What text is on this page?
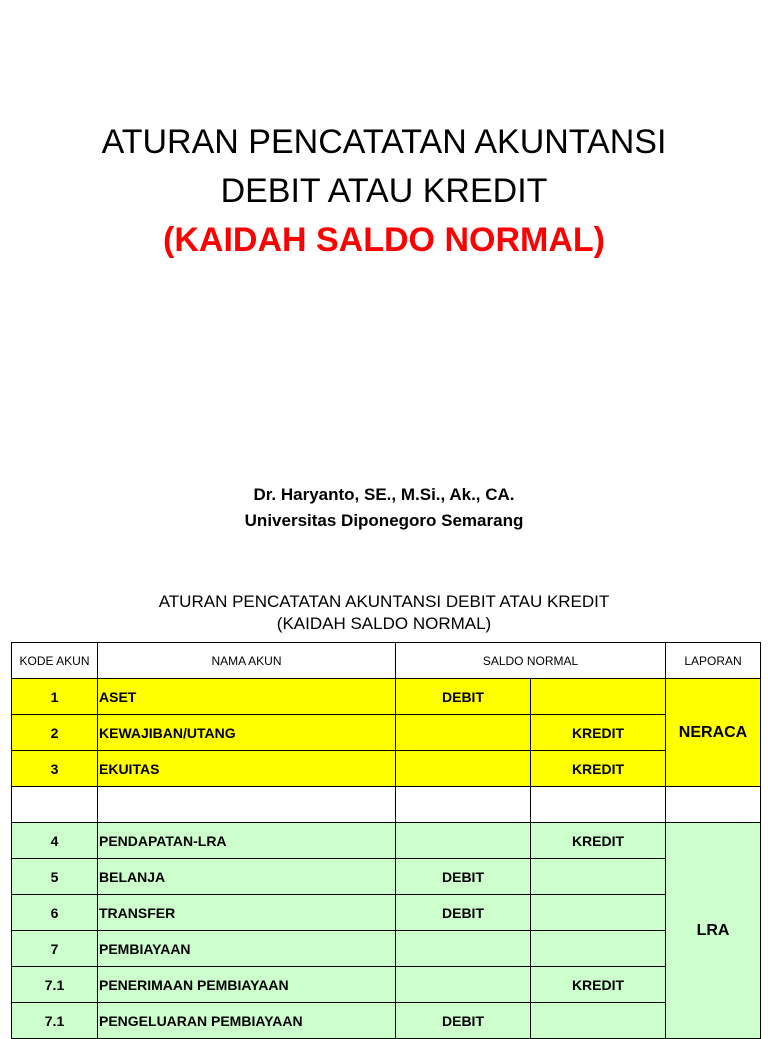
ATURAN PENCATATAN AKUNTANSI
DEBIT ATAU KREDIT
(KAIDAH SALDO NORMAL)
Dr. Haryanto, SE., M.Si., Ak., CA.
Universitas Diponegoro Semarang
ATURAN PENCATATAN AKUNTANSI DEBIT ATAU KREDIT
(KAIDAH SALDO NORMAL)
KODE AKUN	NAMA AKUN	SALDO NORMAL		LAPORAN
1	ASET	DEBIT		NERACA
2	KEWAJIBAN/UTANG		KREDIT	
3	EKUITAS		KREDIT	

4	PENDAPATAN-LRA		KREDIT	LRA
5	BELANJA	DEBIT		
6	TRANSFER	DEBIT		
7	PEMBIAYAAN			
7.1	PENERIMAAN PEMBIAYAAN		KREDIT	
7.1	PENGELUARAN PEMBIAYAAN	DEBIT		
